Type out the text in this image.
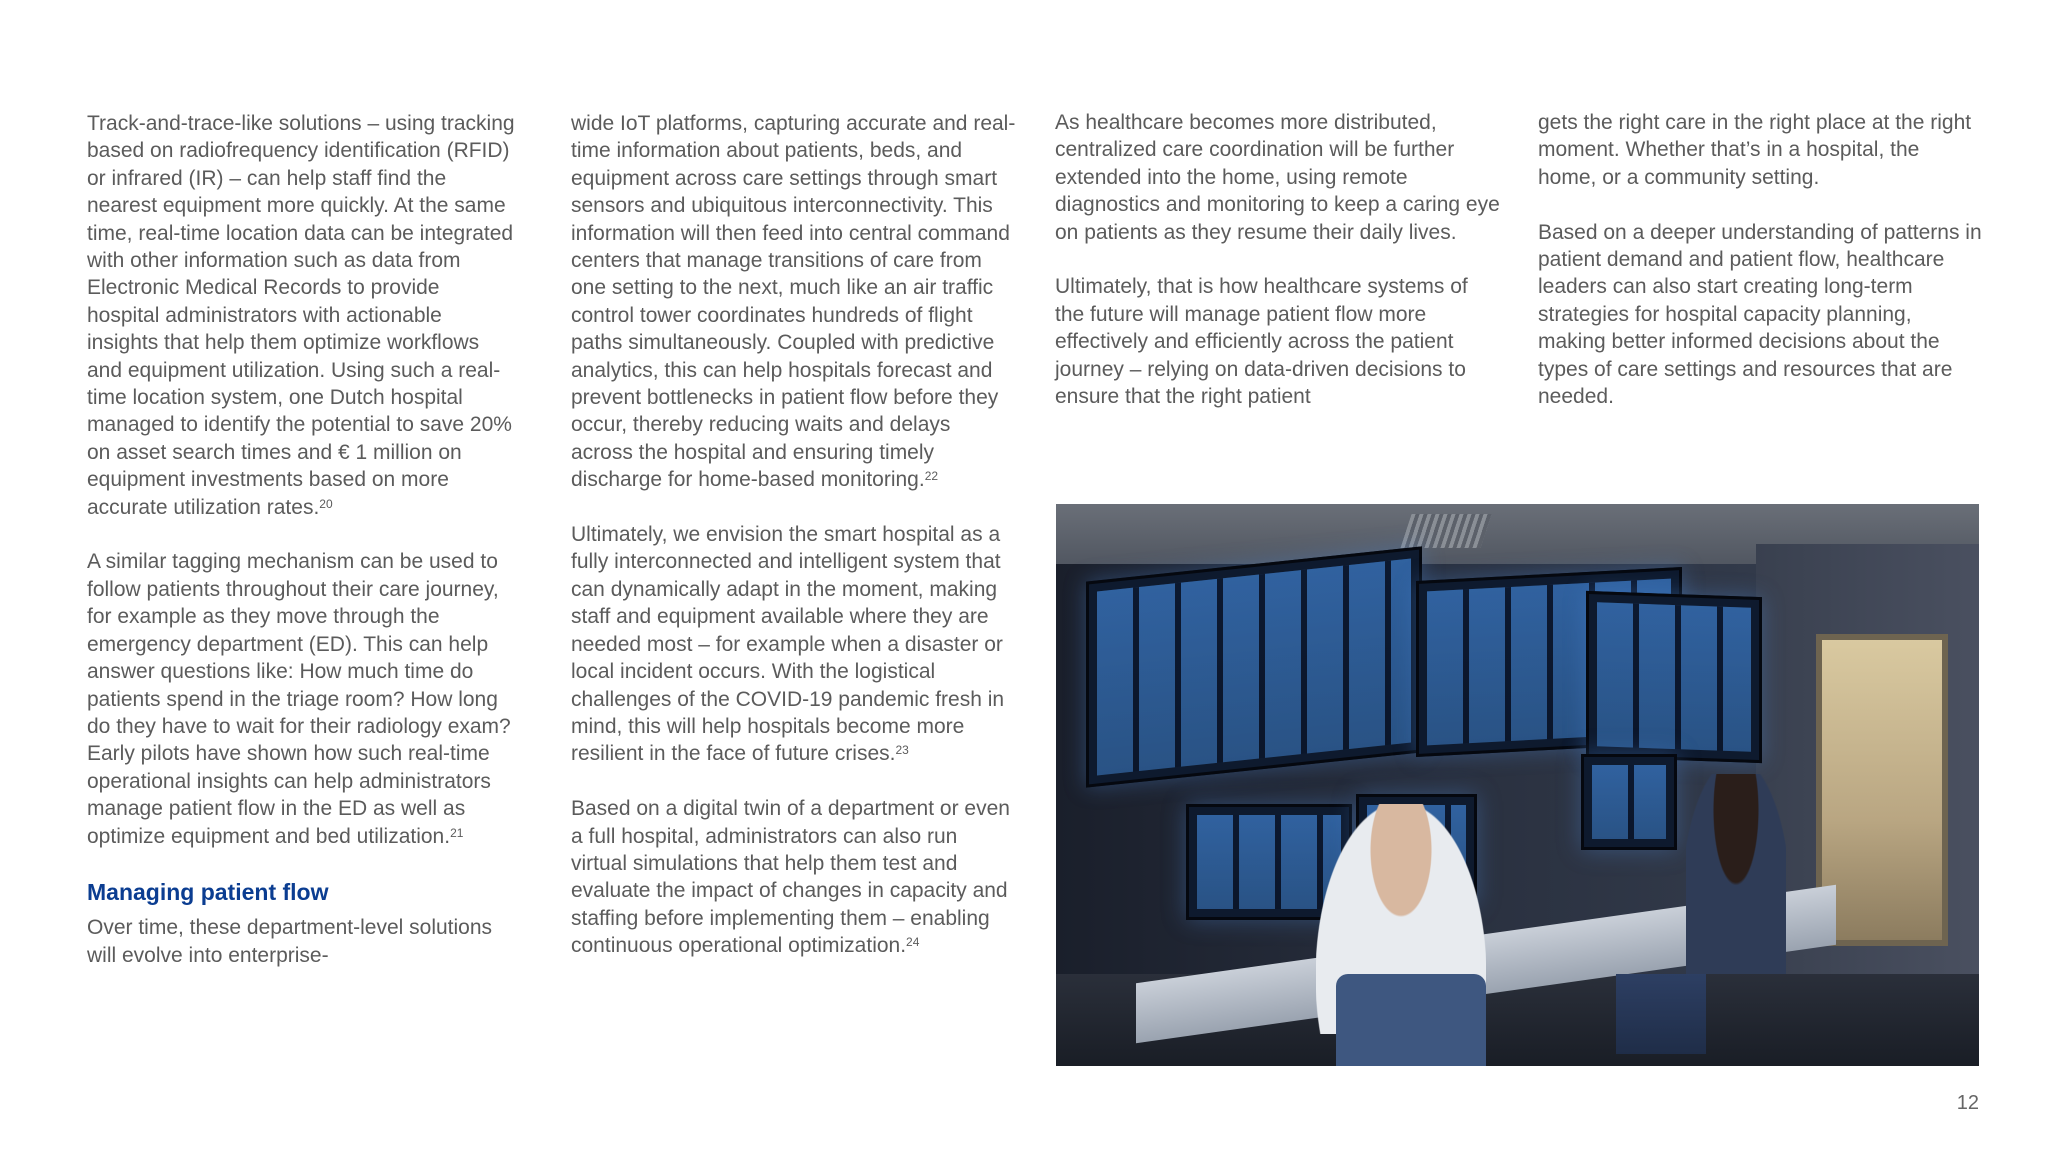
Track-and-trace-like solutions – using tracking based on radiofrequency identification (RFID) or infrared (IR) – can help staff find the nearest equipment more quickly. At the same time, real-time location data can be integrated with other information such as data from Electronic Medical Records to provide hospital administrators with actionable insights that help them optimize workflows and equipment utilization. Using such a real-time location system, one Dutch hospital managed to identify the potential to save 20% on asset search times and € 1 million on equipment investments based on more accurate utilization rates.$^{20}$

A similar tagging mechanism can be used to follow patients throughout their care journey, for example as they move through the emergency department (ED). This can help answer questions like: How much time do patients spend in the triage room? How long do they have to wait for their radiology exam? Early pilots have shown how such real-time operational insights can help administrators manage patient flow in the ED as well as optimize equipment and bed utilization.$^{21}$

Managing patient flow

Over time, these department-level solutions will evolve into enterprise-

wide IoT platforms, capturing accurate and real-time information about patients, beds, and equipment across care settings through smart sensors and ubiquitous interconnectivity. This information will then feed into central command centers that manage transitions of care from one setting to the next, much like an air traffic control tower coordinates hundreds of flight paths simultaneously. Coupled with predictive analytics, this can help hospitals forecast and prevent bottlenecks in patient flow before they occur, thereby reducing waits and delays across the hospital and ensuring timely discharge for home-based monitoring.$^{22}$

Ultimately, we envision the smart hospital as a fully interconnected and intelligent system that can dynamically adapt in the moment, making staff and equipment available where they are needed most – for example when a disaster or local incident occurs. With the logistical challenges of the COVID-19 pandemic fresh in mind, this will help hospitals become more resilient in the face of future crises.$^{23}$

Based on a digital twin of a department or even a full hospital, administrators can also run virtual simulations that help them test and evaluate the impact of changes in capacity and staffing before implementing them – enabling continuous operational optimization.$^{24}$

As healthcare becomes more distributed, centralized care coordination will be further extended into the home, using remote diagnostics and monitoring to keep a caring eye on patients as they resume their daily lives.

Ultimately, that is how healthcare systems of the future will manage patient flow more effectively and efficiently across the patient journey – relying on data-driven decisions to ensure that the right patient

gets the right care in the right place at the right moment. Whether that’s in a hospital, the home, or a community setting.

Based on a deeper understanding of patterns in patient demand and patient flow, healthcare leaders can also start creating long-term strategies for hospital capacity planning, making better informed decisions about the types of care settings and resources that are needed.

12
